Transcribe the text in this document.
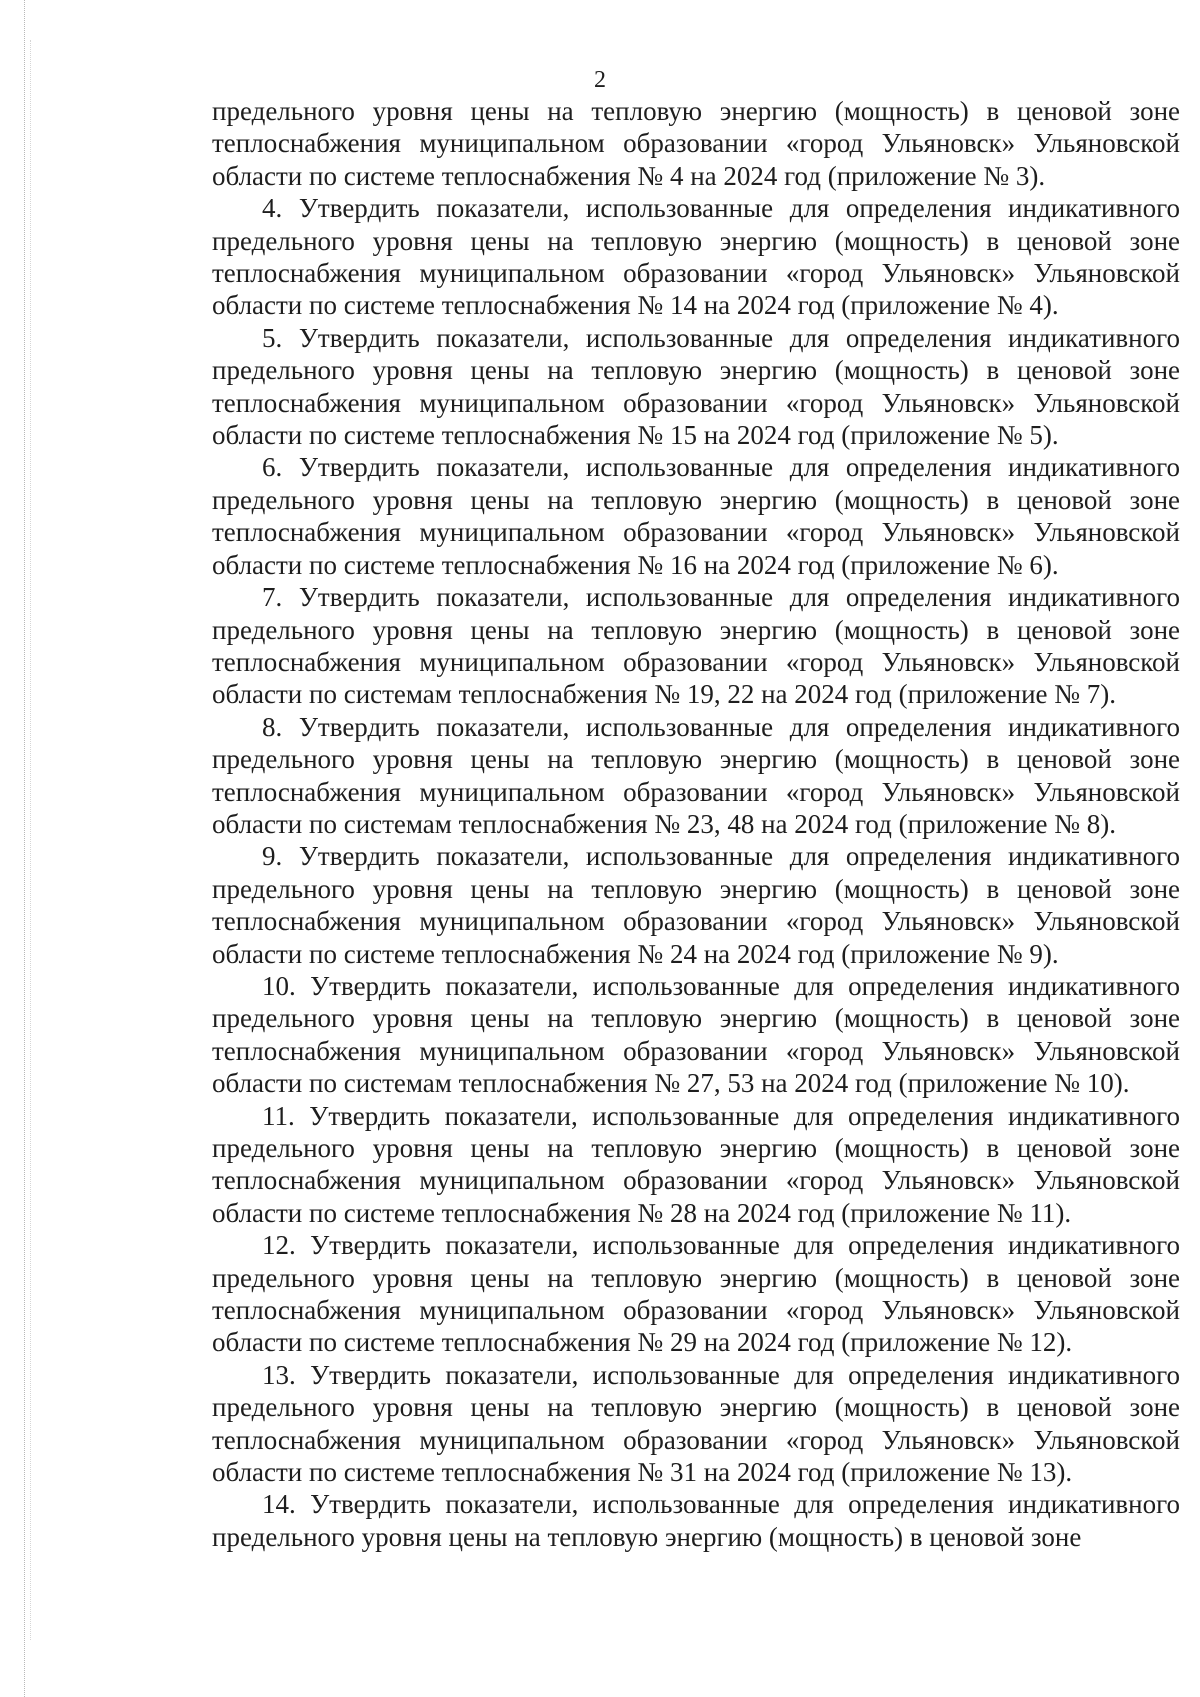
2

предельного уровня цены на тепловую энергию (мощность) в ценовой зоне теплоснабжения муниципальном образовании «город Ульяновск» Ульяновской области по системе теплоснабжения № 4 на 2024 год (приложение № 3).

4. Утвердить показатели, использованные для определения индикативного предельного уровня цены на тепловую энергию (мощность) в ценовой зоне теплоснабжения муниципальном образовании «город Ульяновск» Ульяновской области по системе теплоснабжения № 14 на 2024 год (приложение № 4).

5. Утвердить показатели, использованные для определения индикативного предельного уровня цены на тепловую энергию (мощность) в ценовой зоне теплоснабжения муниципальном образовании «город Ульяновск» Ульяновской области по системе теплоснабжения № 15 на 2024 год (приложение № 5).

6. Утвердить показатели, использованные для определения индикативного предельного уровня цены на тепловую энергию (мощность) в ценовой зоне теплоснабжения муниципальном образовании «город Ульяновск» Ульяновской области по системе теплоснабжения № 16 на 2024 год (приложение № 6).

7. Утвердить показатели, использованные для определения индикативного предельного уровня цены на тепловую энергию (мощность) в ценовой зоне теплоснабжения муниципальном образовании «город Ульяновск» Ульяновской области по системам теплоснабжения № 19, 22 на 2024 год (приложение № 7).

8. Утвердить показатели, использованные для определения индикативного предельного уровня цены на тепловую энергию (мощность) в ценовой зоне теплоснабжения муниципальном образовании «город Ульяновск» Ульяновской области по системам теплоснабжения № 23, 48 на 2024 год (приложение № 8).

9. Утвердить показатели, использованные для определения индикативного предельного уровня цены на тепловую энергию (мощность) в ценовой зоне теплоснабжения муниципальном образовании «город Ульяновск» Ульяновской области по системе теплоснабжения № 24 на 2024 год (приложение № 9).

10. Утвердить показатели, использованные для определения индикативного предельного уровня цены на тепловую энергию (мощность) в ценовой зоне теплоснабжения муниципальном образовании «город Ульяновск» Ульяновской области по системам теплоснабжения № 27, 53 на 2024 год (приложение № 10).

11. Утвердить показатели, использованные для определения индикативного предельного уровня цены на тепловую энергию (мощность) в ценовой зоне теплоснабжения муниципальном образовании «город Ульяновск» Ульяновской области по системе теплоснабжения № 28 на 2024 год (приложение № 11).

12. Утвердить показатели, использованные для определения индикативного предельного уровня цены на тепловую энергию (мощность) в ценовой зоне теплоснабжения муниципальном образовании «город Ульяновск» Ульяновской области по системе теплоснабжения № 29 на 2024 год (приложение № 12).

13. Утвердить показатели, использованные для определения индикативного предельного уровня цены на тепловую энергию (мощность) в ценовой зоне теплоснабжения муниципальном образовании «город Ульяновск» Ульяновской области по системе теплоснабжения № 31 на 2024 год (приложение № 13).

14. Утвердить показатели, использованные для определения индикативного предельного уровня цены на тепловую энергию (мощность) в ценовой зоне
